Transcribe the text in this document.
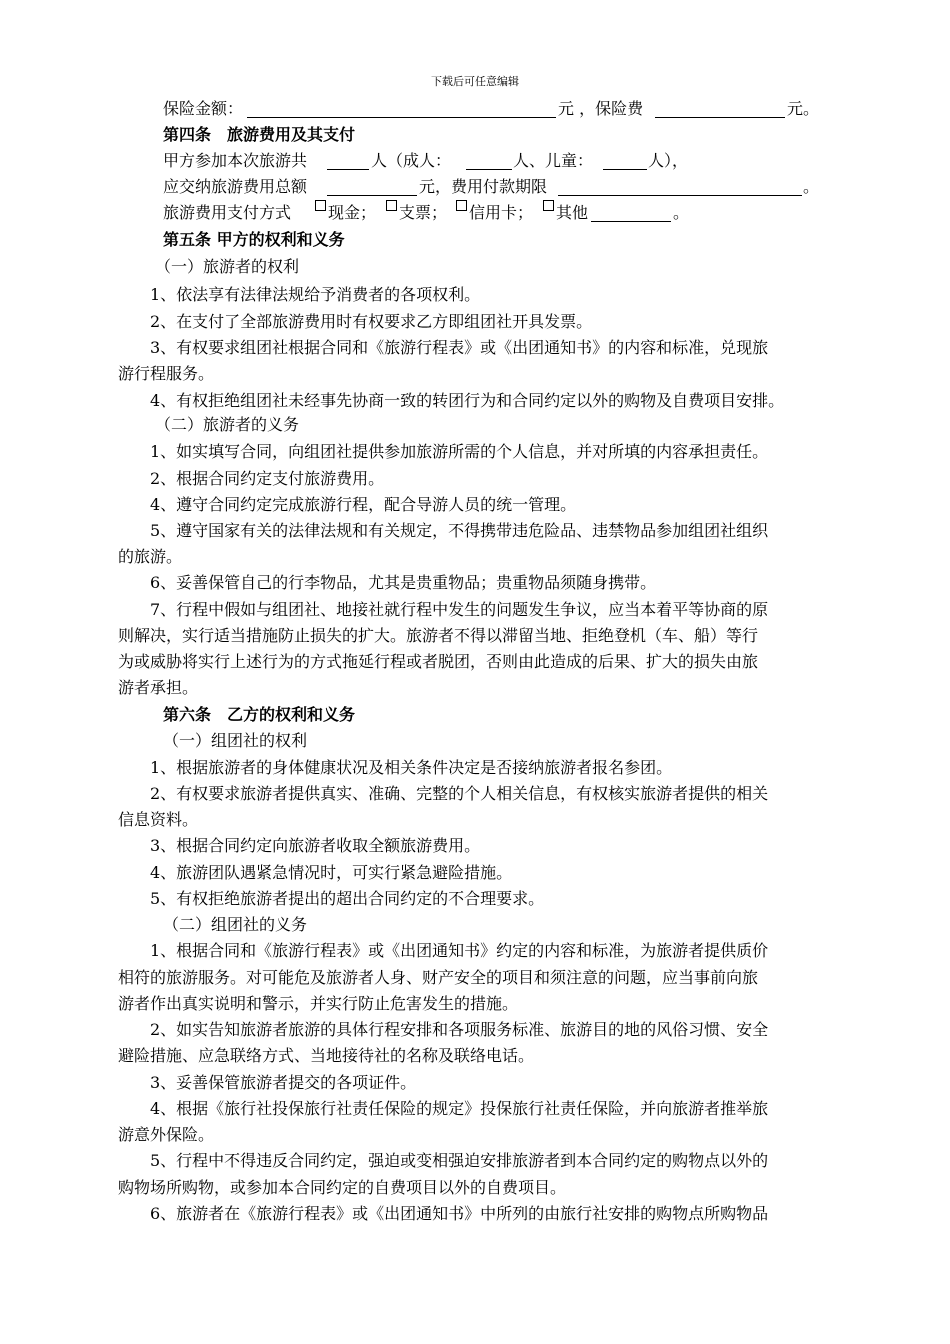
下载后可任意编辑
保险金额：	元 ，保险费	元。
第四条　旅游费用及其支付
甲方参加本次旅游共	人（成人：	人、儿童：	人），
应交纳旅游费用总额	元，费用付款期限	。
旅游费用支付方式 现金； 支票； 信用卡； 其他	。
第五条 甲方的权利和义务
（一）旅游者的权利
1、依法享有法律法规给予消费者的各项权利。
2、在支付了全部旅游费用时有权要求乙方即组团社开具发票。
3、有权要求组团社根据合同和《旅游行程表》或《出团通知书》的内容和标准，兑现旅
游行程服务。
4、有权拒绝组团社未经事先协商一致的转团行为和合同约定以外的购物及自费项目安排。
（二）旅游者的义务
1、如实填写合同，向组团社提供参加旅游所需的个人信息，并对所填的内容承担责任。
2、根据合同约定支付旅游费用。
4、遵守合同约定完成旅游行程，配合导游人员的统一管理。
5、遵守国家有关的法律法规和有关规定，不得携带违危险品、违禁物品参加组团社组织
的旅游。
6、妥善保管自己的行李物品，尤其是贵重物品；贵重物品须随身携带。
7、行程中假如与组团社、地接社就行程中发生的问题发生争议，应当本着平等协商的原
则解决，实行适当措施防止损失的扩大。旅游者不得以滞留当地、拒绝登机（车、船）等行
为或威胁将实行上述行为的方式拖延行程或者脱团，否则由此造成的后果、扩大的损失由旅
游者承担。
第六条　乙方的权利和义务
（一）组团社的权利
1、根据旅游者的身体健康状况及相关条件决定是否接纳旅游者报名参团。
2、有权要求旅游者提供真实、准确、完整的个人相关信息，有权核实旅游者提供的相关
信息资料。
3、根据合同约定向旅游者收取全额旅游费用。
4、旅游团队遇紧急情况时，可实行紧急避险措施。
5、有权拒绝旅游者提出的超出合同约定的不合理要求。
（二）组团社的义务
1、根据合同和《旅游行程表》或《出团通知书》约定的内容和标准，为旅游者提供质价
相符的旅游服务。对可能危及旅游者人身、财产安全的项目和须注意的问题，应当事前向旅
游者作出真实说明和警示，并实行防止危害发生的措施。
2、如实告知旅游者旅游的具体行程安排和各项服务标准、旅游目的地的风俗习惯、安全
避险措施、应急联络方式、当地接待社的名称及联络电话。
3、妥善保管旅游者提交的各项证件。
4、根据《旅行社投保旅行社责任保险的规定》投保旅行社责任保险，并向旅游者推举旅
游意外保险。
5、行程中不得违反合同约定，强迫或变相强迫安排旅游者到本合同约定的购物点以外的
购物场所购物，或参加本合同约定的自费项目以外的自费项目。
6、旅游者在《旅游行程表》或《出团通知书》中所列的由旅行社安排的购物点所购物品
